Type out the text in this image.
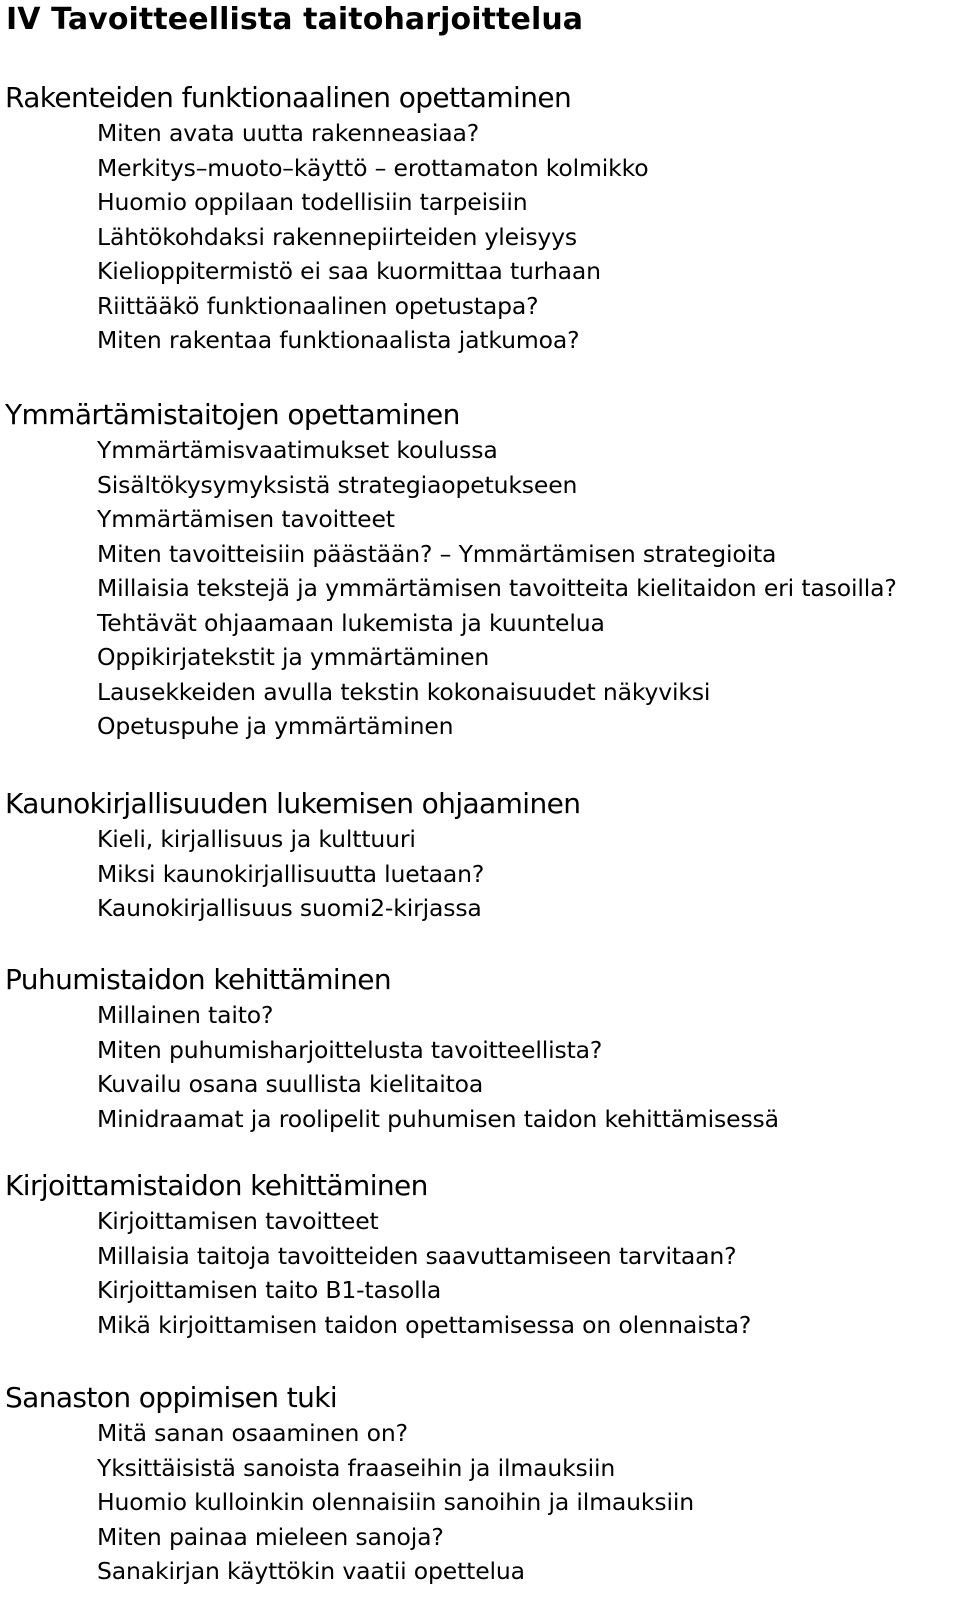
IV Tavoitteellista taitoharjoittelua
Rakenteiden funktionaalinen opettaminen
Miten avata uutta rakenneasiaa?
Merkitys–muoto–käyttö – erottamaton kolmikko
Huomio oppilaan todellisiin tarpeisiin
Lähtökohdaksi rakennepiirteiden yleisyys
Kielioppitermistö ei saa kuormittaa turhaan
Riittääkö funktionaalinen opetustapa?
Miten rakentaa funktionaalista jatkumoa?
Ymmärtämistaitojen opettaminen
Ymmärtämisvaatimukset koulussa
Sisältökysymyksistä strategiaopetukseen
Ymmärtämisen tavoitteet
Miten tavoitteisiin päästään? – Ymmärtämisen strategioita
Millaisia tekstejä ja ymmärtämisen tavoitteita kielitaidon eri tasoilla?
Tehtävät ohjaamaan lukemista ja kuuntelua
Oppikirjatekstit ja ymmärtäminen
Lausekkeiden avulla tekstin kokonaisuudet näkyviksi
Opetuspuhe ja ymmärtäminen
Kaunokirjallisuuden lukemisen ohjaaminen
Kieli, kirjallisuus ja kulttuuri
Miksi kaunokirjallisuutta luetaan?
Kaunokirjallisuus suomi2-kirjassa
Puhumistaidon kehittäminen
Millainen taito?
Miten puhumisharjoittelusta tavoitteellista?
Kuvailu osana suullista kielitaitoa
Minidraamat ja roolipelit puhumisen taidon kehittämisessä
Kirjoittamistaidon kehittäminen
Kirjoittamisen tavoitteet
Millaisia taitoja tavoitteiden saavuttamiseen tarvitaan?
Kirjoittamisen taito B1-tasolla
Mikä kirjoittamisen taidon opettamisessa on olennaista?
Sanaston oppimisen tuki
Mitä sanan osaaminen on?
Yksittäisistä sanoista fraaseihin ja ilmauksiin
Huomio kulloinkin olennaisiin sanoihin ja ilmauksiin
Miten painaa mieleen sanoja?
Sanakirjan käyttökin vaatii opettelua
